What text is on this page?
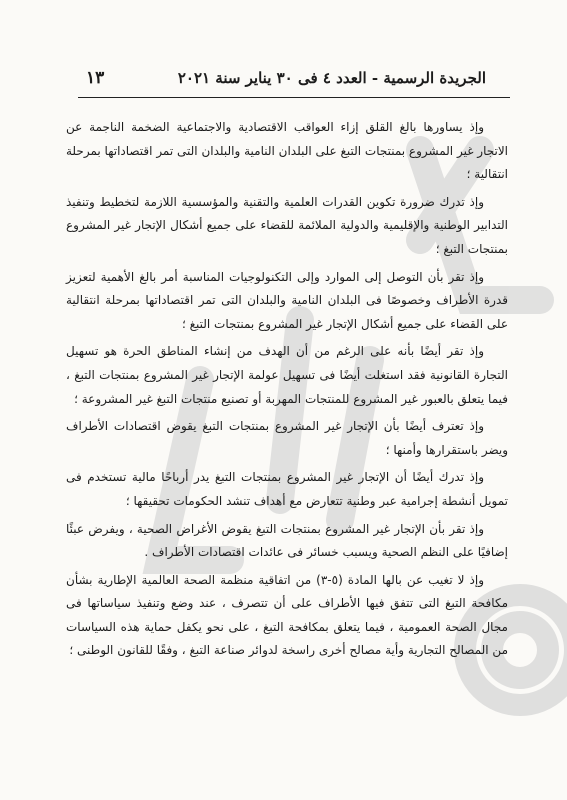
الجريدة الرسمية - العدد ٤ فى ٣٠ يناير سنة ٢٠٢١
١٣

وإذ يساورها بالغ القلق إزاء العواقب الاقتصادية والاجتماعية الضخمة الناجمة عن الاتجار غير المشروع بمنتجات التبغ على البلدان النامية والبلدان التى تمر اقتصاداتها بمرحلة انتقالية ؛

وإذ تدرك ضرورة تكوين القدرات العلمية والتقنية والمؤسسية اللازمة لتخطيط وتنفيذ التدابير الوطنية والإقليمية والدولية الملائمة للقضاء على جميع أشكال الإتجار غير المشروع بمنتجات التبغ ؛

وإذ تقر بأن التوصل إلى الموارد وإلى التكنولوجيات المناسبة أمر بالغ الأهمية لتعزيز قدرة الأطراف وخصوصًا فى البلدان النامية والبلدان التى تمر اقتصاداتها بمرحلة انتقالية على القضاء على جميع أشكال الإتجار غير المشروع بمنتجات التبغ ؛

وإذ تقر أيضًا بأنه على الرغم من أن الهدف من إنشاء المناطق الحرة هو تسهيل التجارة القانونية فقد استغلت أيضًا فى تسهيل عولمة الإتجار غير المشروع بمنتجات التبغ ، فيما يتعلق بالعبور غير المشروع للمنتجات المهربة أو تصنيع منتجات التبغ غير المشروعة ؛

وإذ تعترف أيضًا بأن الإتجار غير المشروع بمنتجات التبغ يقوض اقتصادات الأطراف ويضر باستقرارها وأمنها ؛

وإذ تدرك أيضًا أن الإتجار غير المشروع بمنتجات التبغ يدر أرباحًا مالية تستخدم فى تمويل أنشطة إجرامية عبر وطنية تتعارض مع أهداف تنشد الحكومات تحقيقها ؛

وإذ تقر بأن الإتجار غير المشروع بمنتجات التبغ يقوض الأغراض الصحية ، ويفرض عبئًا إضافيًا على النظم الصحية ويسبب خسائر فى عائدات اقتصادات الأطراف .

وإذ لا تغيب عن بالها المادة (٥-٣) من اتفاقية منظمة الصحة العالمية الإطارية بشأن مكافحة التبغ التى تتفق فيها الأطراف على أن تتصرف ، عند وضع وتنفيذ سياساتها فى مجال الصحة العمومية ، فيما يتعلق بمكافحة التبغ ، على نحو يكفل حماية هذه السياسات من المصالح التجارية وأية مصالح أخرى راسخة لدوائر صناعة التبغ ، وفقًا للقانون الوطنى ؛
